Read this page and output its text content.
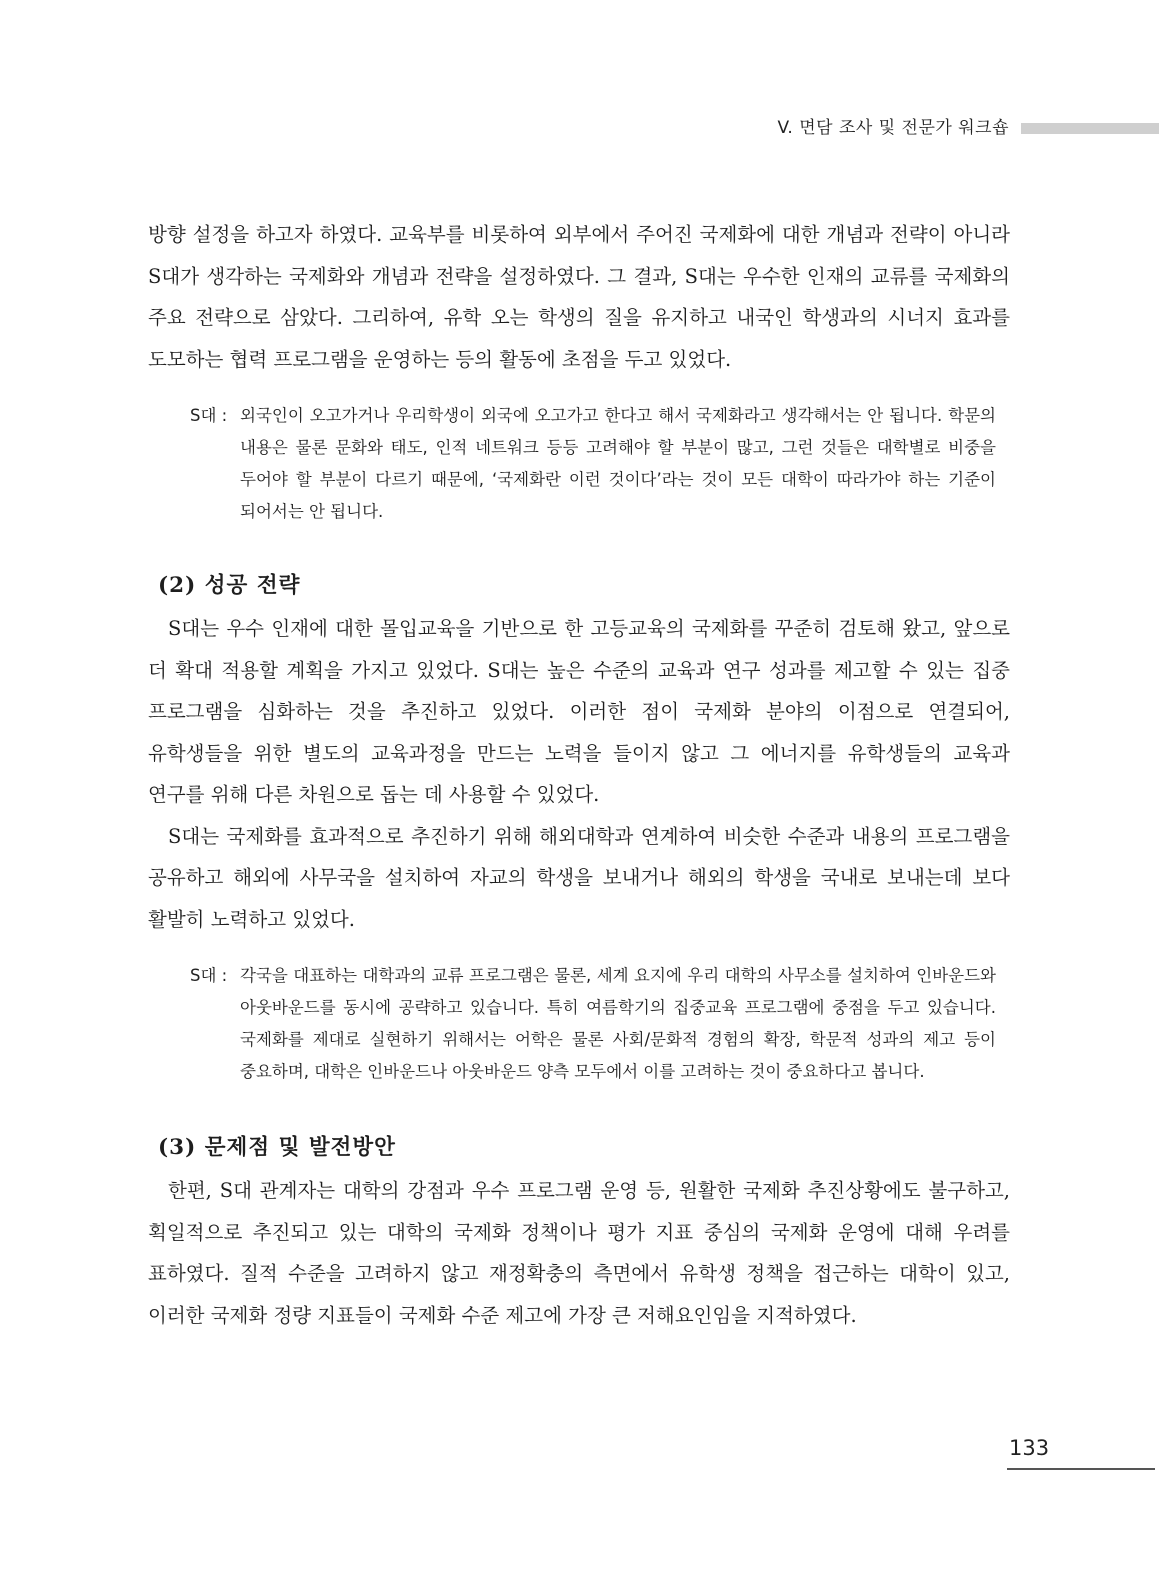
V. 면담 조사 및 전문가 워크숍

방향 설정을 하고자 하였다. 교육부를 비롯하여 외부에서 주어진 국제화에 대한 개념과 전략이 아니라 S대가 생각하는 국제화와 개념과 전략을 설정하였다. 그 결과, S대는 우수한 인재의 교류를 국제화의 주요 전략으로 삼았다. 그리하여, 유학 오는 학생의 질을 유지하고 내국인 학생과의 시너지 효과를 도모하는 협력 프로그램을 운영하는 등의 활동에 초점을 두고 있었다.

S대 : 외국인이 오고가거나 우리학생이 외국에 오고가고 한다고 해서 국제화라고 생각해서는 안 됩니다. 학문의 내용은 물론 문화와 태도, 인적 네트워크 등등 고려해야 할 부분이 많고, 그런 것들은 대학별로 비중을 두어야 할 부분이 다르기 때문에, ‘국제화란 이런 것이다’라는 것이 모든 대학이 따라가야 하는 기준이 되어서는 안 됩니다.
(2) 성공 전략

S대는 우수 인재에 대한 몰입교육을 기반으로 한 고등교육의 국제화를 꾸준히 검토해 왔고, 앞으로 더 확대 적용할 계획을 가지고 있었다. S대는 높은 수준의 교육과 연구 성과를 제고할 수 있는 집중 프로그램을 심화하는 것을 추진하고 있었다. 이러한 점이 국제화 분야의 이점으로 연결되어, 유학생들을 위한 별도의 교육과정을 만드는 노력을 들이지 않고 그 에너지를 유학생들의 교육과 연구를 위해 다른 차원으로 돕는 데 사용할 수 있었다.

S대는 국제화를 효과적으로 추진하기 위해 해외대학과 연계하여 비슷한 수준과 내용의 프로그램을 공유하고 해외에 사무국을 설치하여 자교의 학생을 보내거나 해외의 학생을 국내로 보내는데 보다 활발히 노력하고 있었다.

S대 : 각국을 대표하는 대학과의 교류 프로그램은 물론, 세계 요지에 우리 대학의 사무소를 설치하여 인바운드와 아웃바운드를 동시에 공략하고 있습니다. 특히 여름학기의 집중교육 프로그램에 중점을 두고 있습니다. 국제화를 제대로 실현하기 위해서는 어학은 물론 사회/문화적 경험의 확장, 학문적 성과의 제고 등이 중요하며, 대학은 인바운드나 아웃바운드 양측 모두에서 이를 고려하는 것이 중요하다고 봅니다.
(3) 문제점 및 발전방안

한편, S대 관계자는 대학의 강점과 우수 프로그램 운영 등, 원활한 국제화 추진상황에도 불구하고, 획일적으로 추진되고 있는 대학의 국제화 정책이나 평가 지표 중심의 국제화 운영에 대해 우려를 표하였다. 질적 수준을 고려하지 않고 재정확충의 측면에서 유학생 정책을 접근하는 대학이 있고, 이러한 국제화 정량 지표들이 국제화 수준 제고에 가장 큰 저해요인임을 지적하였다.

133
